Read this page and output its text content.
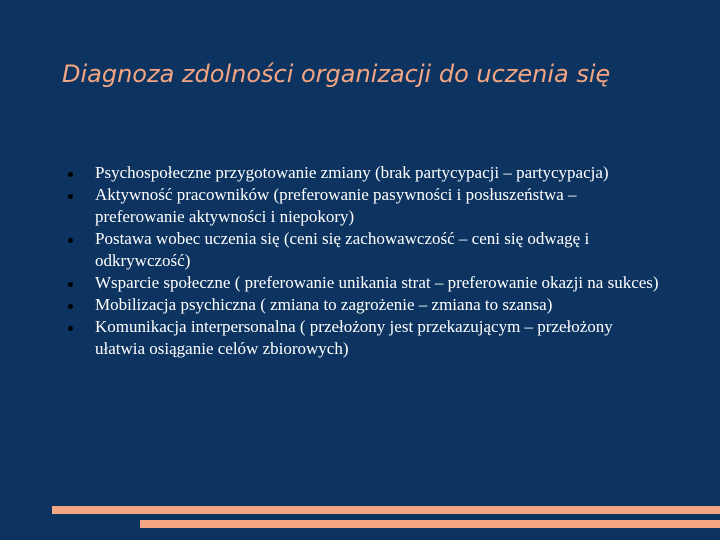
Diagnoza zdolności organizacji do uczenia się
Psychospołeczne przygotowanie zmiany (brak partycypacji – partycypacja)
Aktywność pracowników (preferowanie pasywności i posłuszeństwa – preferowanie aktywności i niepokory)
Postawa wobec uczenia się (ceni się zachowawczość – ceni się odwagę i odkrywczość)
Wsparcie społeczne ( preferowanie unikania strat – preferowanie okazji na sukces)
Mobilizacja psychiczna ( zmiana to zagrożenie – zmiana to szansa)
Komunikacja interpersonalna ( przełożony jest przekazującym – przełożony ułatwia osiąganie celów zbiorowych)
